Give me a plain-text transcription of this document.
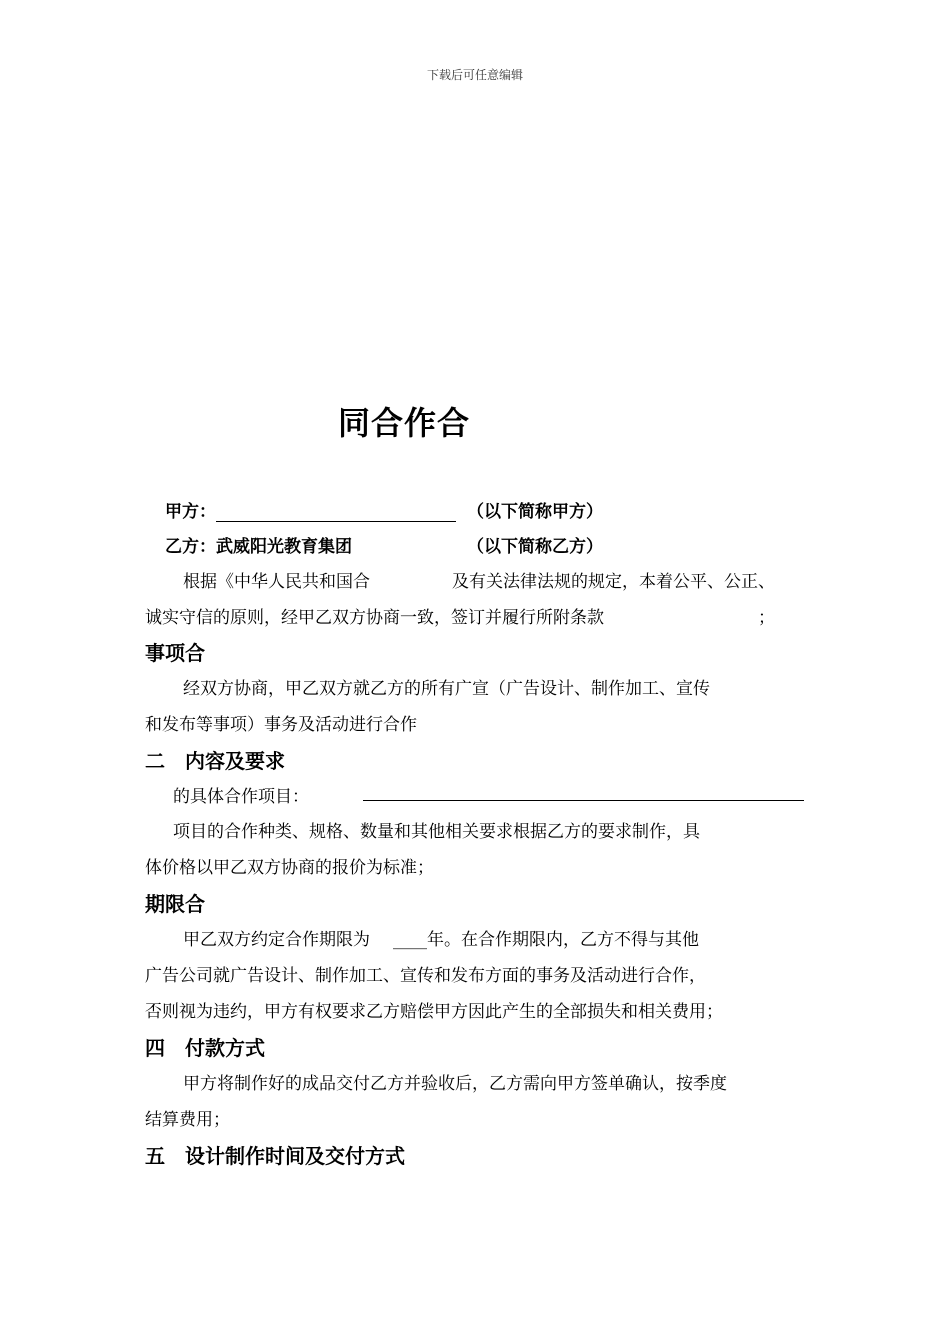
下载后可任意编辑
同合作合
甲方：	（以下简称甲方）
乙方：武威阳光教育集团	（以下简称乙方）
根据《中华人民共和国合	及有关法律法规的规定，本着公平、公正、
诚实守信的原则，经甲乙双方协商一致，签订并履行所附条款	；
事项合
经双方协商，甲乙双方就乙方的所有广宣（广告设计、制作加工、宣传
和发布等事项）事务及活动进行合作
二　内容及要求
的具体合作项目：
项目的合作种类、规格、数量和其他相关要求根据乙方的要求制作，具
体价格以甲乙双方协商的报价为标准；
期限合
甲乙双方约定合作期限为 ____年。在合作期限内，乙方不得与其他
广告公司就广告设计、制作加工、宣传和发布方面的事务及活动进行合作，
否则视为违约，甲方有权要求乙方赔偿甲方因此产生的全部损失和相关费用；
四　付款方式
甲方将制作好的成品交付乙方并验收后，乙方需向甲方签单确认，按季度
结算费用；
五　设计制作时间及交付方式
